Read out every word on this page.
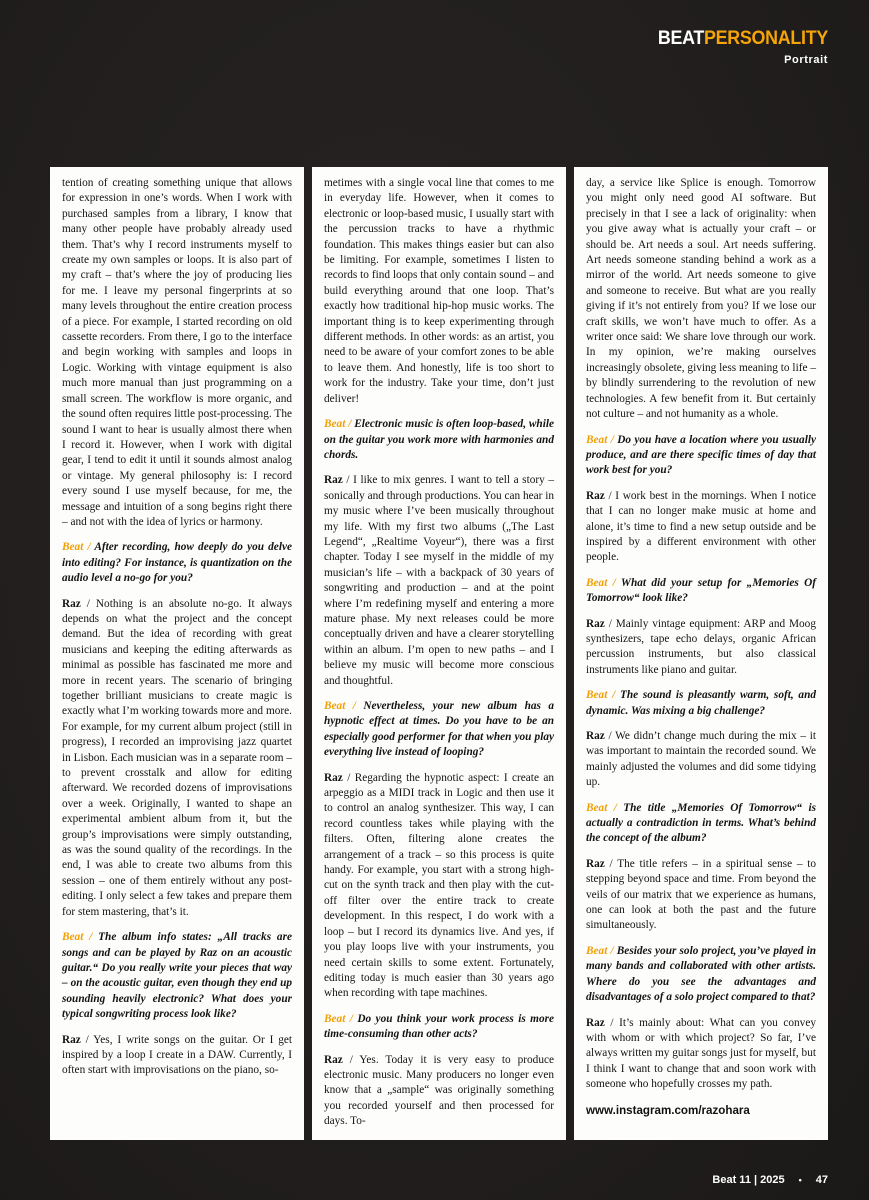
BEATPERSONALITY
Portrait

tention of creating something unique that allows for expression in one’s words. When I work with purchased samples from a library, I know that many other people have probably already used them. That’s why I record instruments myself to create my own samples or loops. It is also part of my craft – that’s where the joy of producing lies for me. I leave my personal fingerprints at so many levels throughout the entire creation process of a piece. For example, I started recording on old cassette recorders. From there, I go to the interface and begin working with samples and loops in Logic. Working with vintage equipment is also much more manual than just programming on a small screen. The workflow is more organic, and the sound often requires little post-processing. The sound I want to hear is usually almost there when I record it. However, when I work with digital gear, I tend to edit it until it sounds almost analog or vintage. My general philosophy is: I record every sound I use myself because, for me, the message and intuition of a song begins right there – and not with the idea of lyrics or harmony.

Beat / After recording, how deeply do you delve into editing? For instance, is quantization on the audio level a no-go for you?

Raz / Nothing is an absolute no-go. It always depends on what the project and the concept demand. But the idea of recording with great musicians and keeping the editing afterwards as minimal as possible has fascinated me more and more in recent years. The scenario of bringing together brilliant musicians to create magic is exactly what I’m working towards more and more. For example, for my current album project (still in progress), I recorded an improvising jazz quartet in Lisbon. Each musician was in a separate room – to prevent crosstalk and allow for editing afterward. We recorded dozens of improvisations over a week. Originally, I wanted to shape an experimental ambient album from it, but the group’s improvisations were simply outstanding, as was the sound quality of the recordings. In the end, I was able to create two albums from this session – one of them entirely without any post-editing. I only select a few takes and prepare them for stem mastering, that’s it.

Beat / The album info states: „All tracks are songs and can be played by Raz on an acoustic guitar.“ Do you really write your pieces that way – on the acoustic guitar, even though they end up sounding heavily electronic? What does your typical songwriting process look like?

Raz / Yes, I write songs on the guitar. Or I get inspired by a loop I create in a DAW. Currently, I often start with improvisations on the piano, so-

metimes with a single vocal line that comes to me in everyday life. However, when it comes to electronic or loop-based music, I usually start with the percussion tracks to have a rhythmic foundation. This makes things easier but can also be limiting. For example, sometimes I listen to records to find loops that only contain sound – and build everything around that one loop. That’s exactly how traditional hip-hop music works. The important thing is to keep experimenting through different methods. In other words: as an artist, you need to be aware of your comfort zones to be able to leave them. And honestly, life is too short to work for the industry. Take your time, don’t just deliver!

Beat / Electronic music is often loop-based, while on the guitar you work more with harmonies and chords.

Raz / I like to mix genres. I want to tell a story – sonically and through productions. You can hear in my music where I’ve been musically throughout my life. With my first two albums („The Last Legend“, „Realtime Voyeur“), there was a first chapter. Today I see myself in the middle of my musician’s life – with a backpack of 30 years of songwriting and production – and at the point where I’m redefining myself and entering a more mature phase. My next releases could be more conceptually driven and have a clearer storytelling within an album. I’m open to new paths – and I believe my music will become more conscious and thoughtful.

Beat / Nevertheless, your new album has a hypnotic effect at times. Do you have to be an especially good performer for that when you play everything live instead of looping?

Raz / Regarding the hypnotic aspect: I create an arpeggio as a MIDI track in Logic and then use it to control an analog synthesizer. This way, I can record countless takes while playing with the filters. Often, filtering alone creates the arrangement of a track – so this process is quite handy. For example, you start with a strong high-cut on the synth track and then play with the cut-off filter over the entire track to create development. In this respect, I do work with a loop – but I record its dynamics live. And yes, if you play loops live with your instruments, you need certain skills to some extent. Fortunately, editing today is much easier than 30 years ago when recording with tape machines.

Beat / Do you think your work process is more time-consuming than other acts?

Raz / Yes. Today it is very easy to produce electronic music. Many producers no longer even know that a „sample“ was originally something you recorded yourself and then processed for days. To-

day, a service like Splice is enough. Tomorrow you might only need good AI software. But precisely in that I see a lack of originality: when you give away what is actually your craft – or should be. Art needs a soul. Art needs suffering. Art needs someone standing behind a work as a mirror of the world. Art needs someone to give and someone to receive. But what are you really giving if it’s not entirely from you? If we lose our craft skills, we won’t have much to offer. As a writer once said: We share love through our work. In my opinion, we’re making ourselves increasingly obsolete, giving less meaning to life – by blindly surrendering to the revolution of new technologies. A few benefit from it. But certainly not culture – and not humanity as a whole.

Beat / Do you have a location where you usually produce, and are there specific times of day that work best for you?

Raz / I work best in the mornings. When I notice that I can no longer make music at home and alone, it’s time to find a new setup outside and be inspired by a different environment with other people.

Beat / What did your setup for „Memories Of Tomorrow“ look like?

Raz / Mainly vintage equipment: ARP and Moog synthesizers, tape echo delays, organic African percussion instruments, but also classical instruments like piano and guitar.

Beat / The sound is pleasantly warm, soft, and dynamic. Was mixing a big challenge?

Raz / We didn’t change much during the mix – it was important to maintain the recorded sound. We mainly adjusted the volumes and did some tidying up.

Beat / The title „Memories Of Tomorrow“ is actually a contradiction in terms. What’s behind the concept of the album?

Raz / The title refers – in a spiritual sense – to stepping beyond space and time. From beyond the veils of our matrix that we experience as humans, one can look at both the past and the future simultaneously.

Beat / Besides your solo project, you’ve played in many bands and collaborated with other artists. Where do you see the advantages and disadvantages of a solo project compared to that?

Raz / It’s mainly about: What can you convey with whom or with which project? So far, I’ve always written my guitar songs just for myself, but I think I want to change that and soon work with someone who hopefully crosses my path.

www.instagram.com/razohara

Beat 11 | 2025 • 47
